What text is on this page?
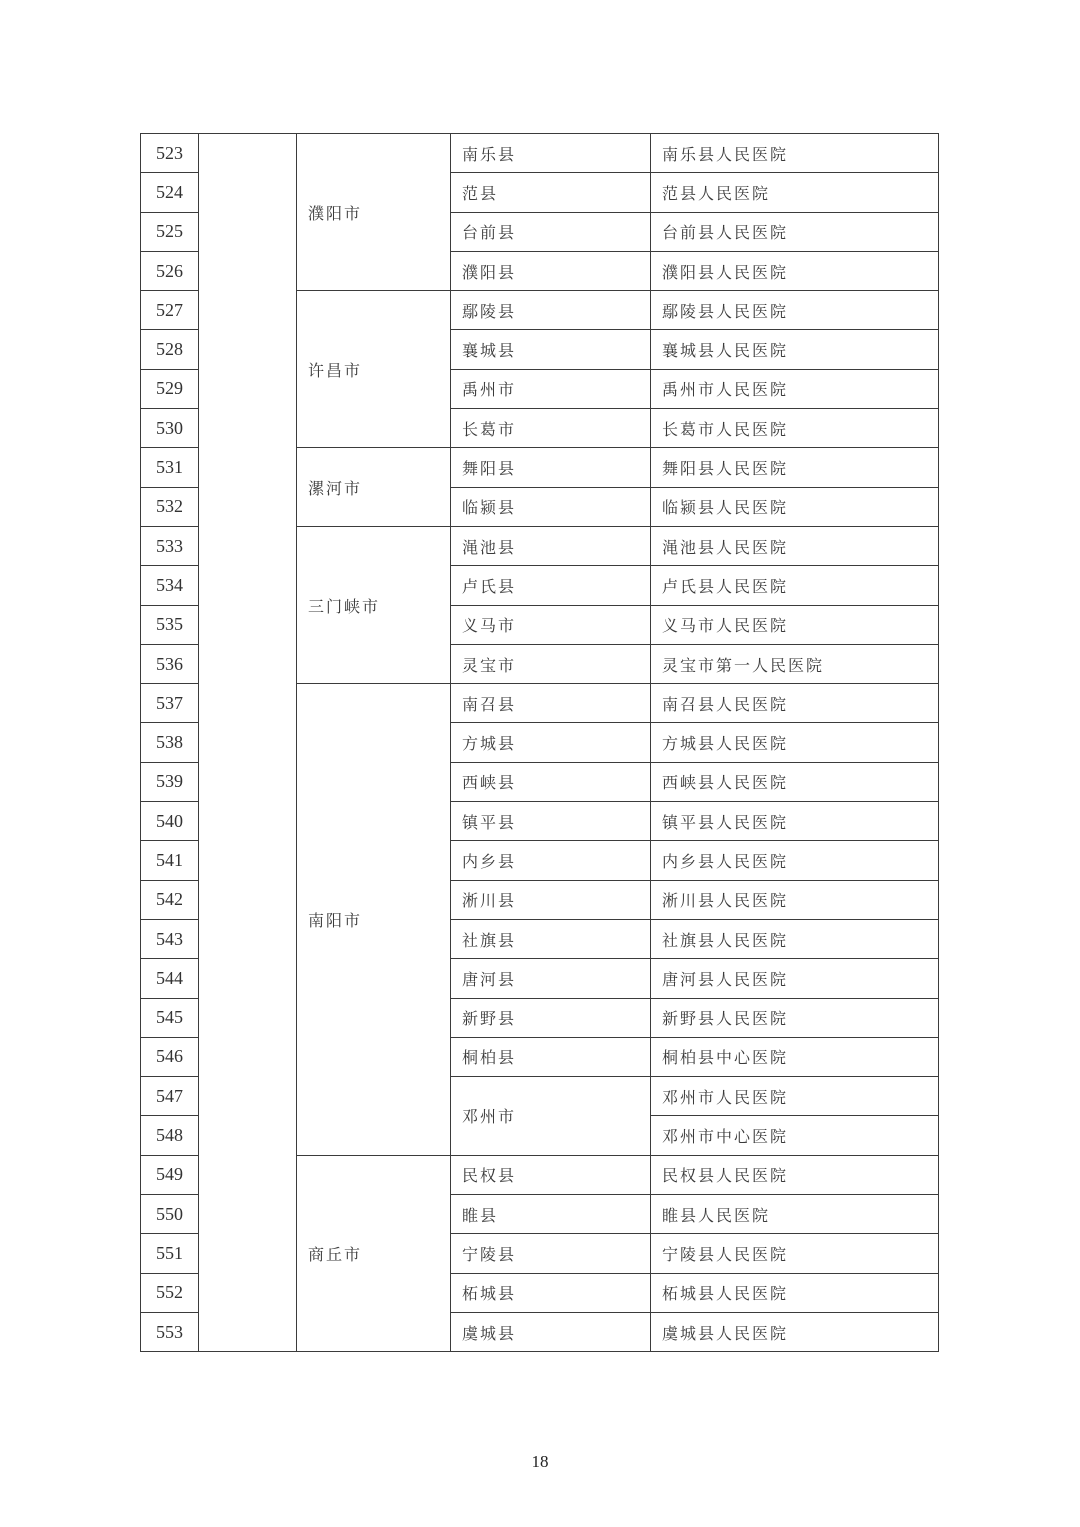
523		濮阳市	南乐县	南乐县人民医院
524			范县	范县人民医院
525			台前县	台前县人民医院
526			濮阳县	濮阳县人民医院
527		许昌市	鄢陵县	鄢陵县人民医院
528			襄城县	襄城县人民医院
529			禹州市	禹州市人民医院
530			长葛市	长葛市人民医院
531		漯河市	舞阳县	舞阳县人民医院
532			临颍县	临颍县人民医院
533		三门峡市	渑池县	渑池县人民医院
534			卢氏县	卢氏县人民医院
535			义马市	义马市人民医院
536			灵宝市	灵宝市第一人民医院
537		南阳市	南召县	南召县人民医院
538			方城县	方城县人民医院
539			西峡县	西峡县人民医院
540			镇平县	镇平县人民医院
541			内乡县	内乡县人民医院
542			淅川县	淅川县人民医院
543			社旗县	社旗县人民医院
544			唐河县	唐河县人民医院
545			新野县	新野县人民医院
546			桐柏县	桐柏县中心医院
547			邓州市	邓州市人民医院
548				邓州市中心医院
549		商丘市	民权县	民权县人民医院
550			睢县	睢县人民医院
551			宁陵县	宁陵县人民医院
552			柘城县	柘城县人民医院
553			虞城县	虞城县人民医院
18
